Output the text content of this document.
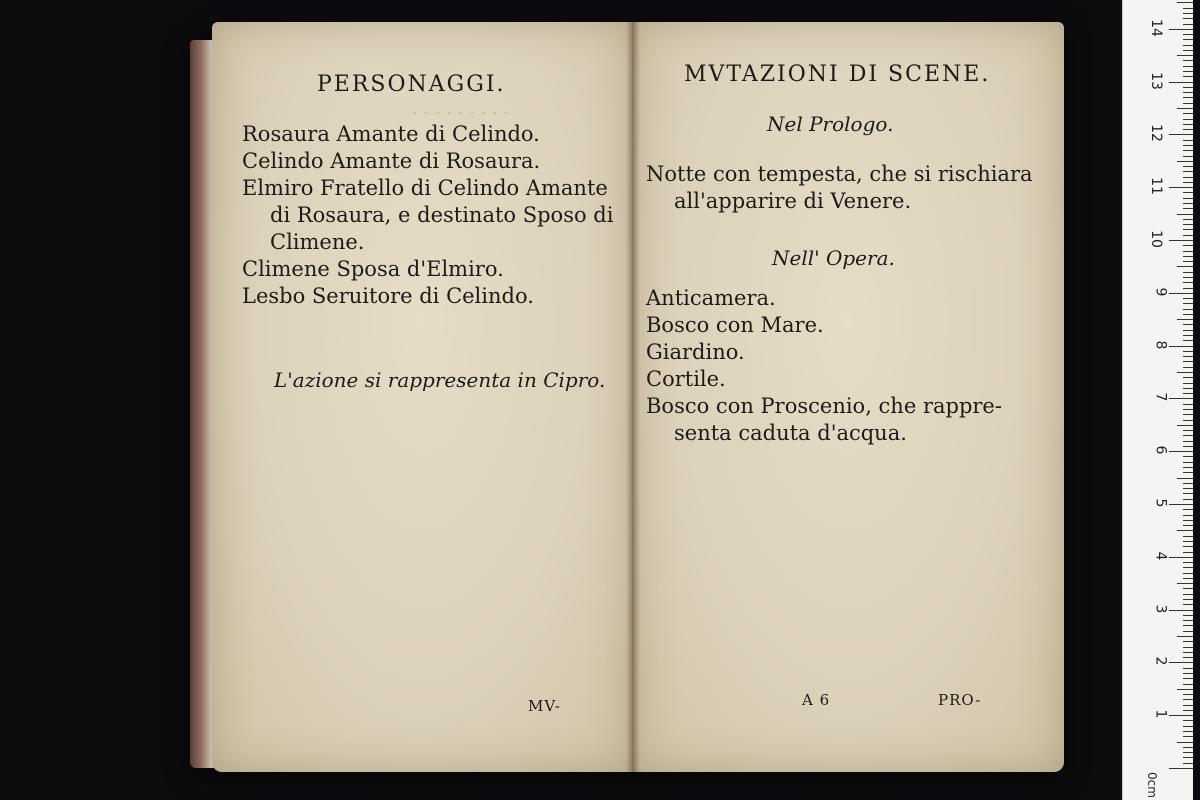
· · · · · · · · ·
PERSONAGGI.
Rosaura Amante di Celindo.
Celindo Amante di Rosaura.
Elmiro Fratello di Celindo Amante
di Rosaura, e destinato Sposo di
Climene.
Climene Sposa d'Elmiro.
Lesbo Seruitore di Celindo.
L'azione si rappresenta in Cipro.
MV-
MVTAZIONI DI SCENE.
Nel Prologo.
Notte con tempesta, che si rischiara
all'apparire di Venere.
Nell' Opera.
Anticamera.
Bosco con Mare.
Giardino.
Cortile.
Bosco con Proscenio, che rappre-
senta caduta d'acqua.
A 6	PRO-
0cm
1
2
3
4
5
6
7
8
9
10
11
12
13
14
